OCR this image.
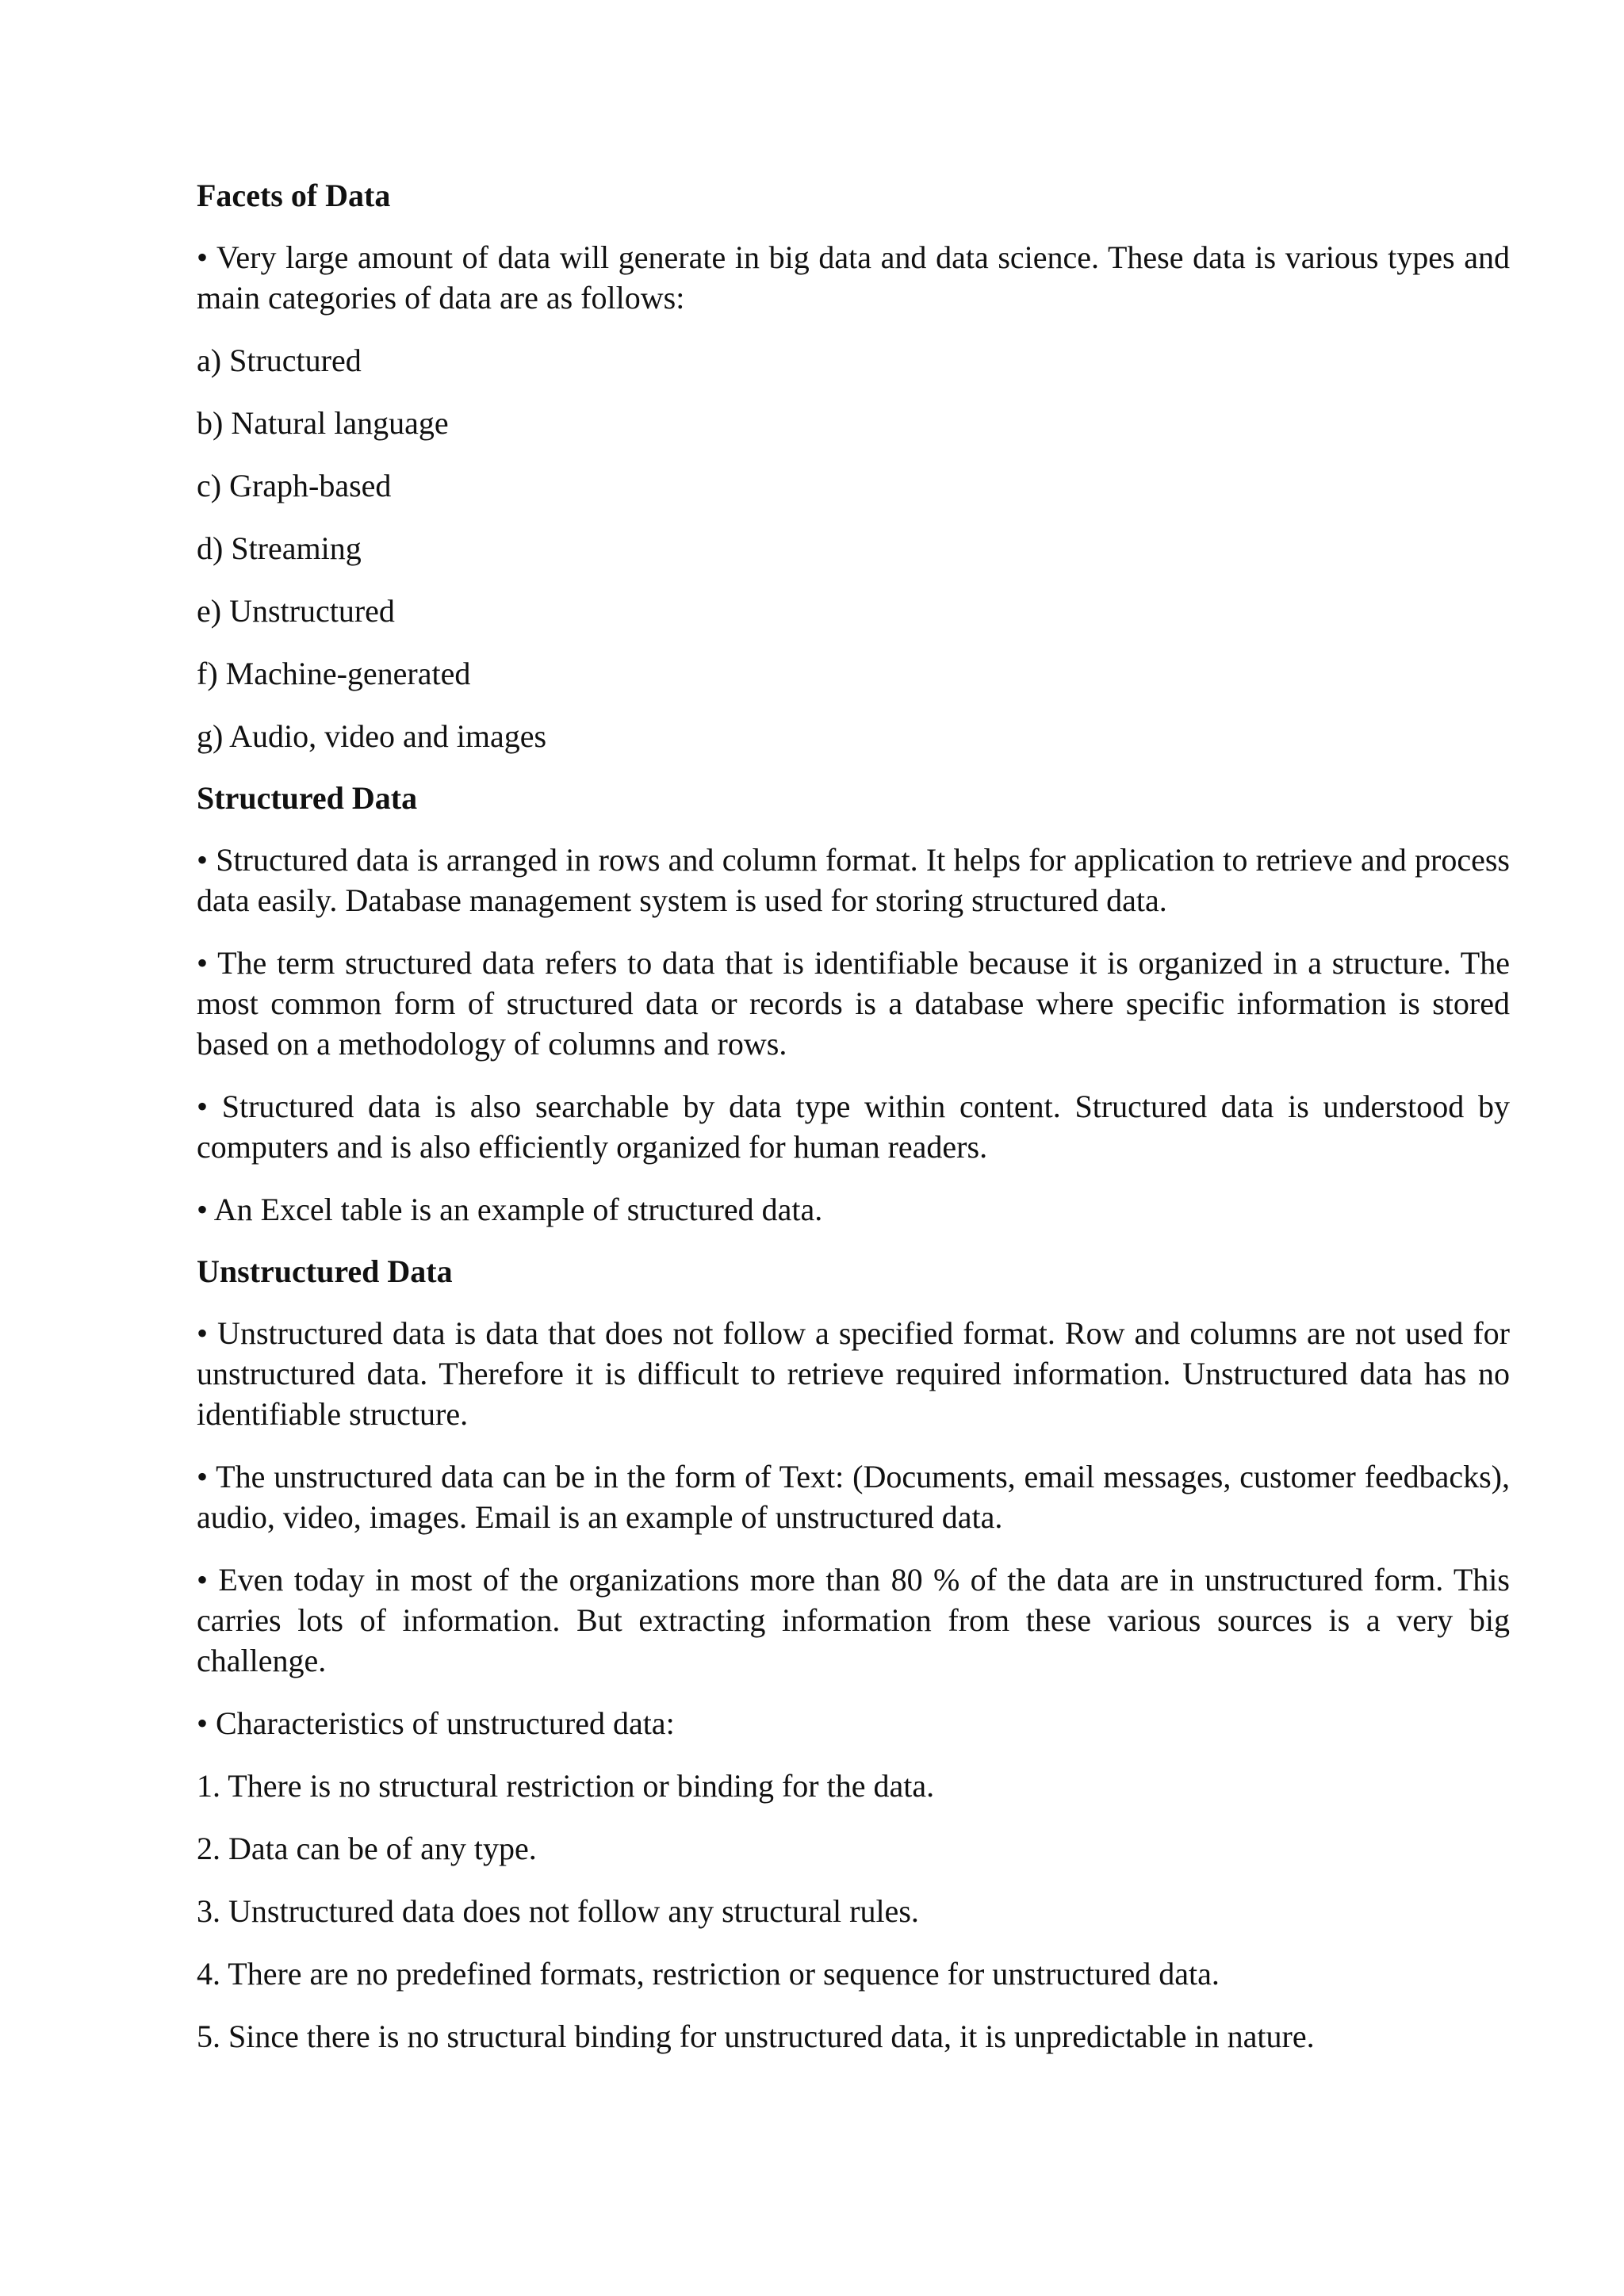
Facets of Data
• Very large amount of data will generate in big data and data science. These data is various types and main categories of data are as follows:
a) Structured
b) Natural language
c) Graph-based
d) Streaming
e) Unstructured
f) Machine-generated
g) Audio, video and images
Structured Data
• Structured data is arranged in rows and column format. It helps for application to retrieve and process data easily. Database management system is used for storing structured data.
• The term structured data refers to data that is identifiable because it is organized in a structure. The most common form of structured data or records is a database where specific information is stored based on a methodology of columns and rows.
• Structured data is also searchable by data type within content. Structured data is understood by computers and is also efficiently organized for human readers.
• An Excel table is an example of structured data.
Unstructured Data
• Unstructured data is data that does not follow a specified format. Row and columns are not used for unstructured data. Therefore it is difficult to retrieve required information. Unstructured data has no identifiable structure.
• The unstructured data can be in the form of Text: (Documents, email messages, customer feedbacks), audio, video, images. Email is an example of unstructured data.
• Even today in most of the organizations more than 80 % of the data are in unstructured form. This carries lots of information. But extracting information from these various sources is a very big challenge.
• Characteristics of unstructured data:
1. There is no structural restriction or binding for the data.
2. Data can be of any type.
3. Unstructured data does not follow any structural rules.
4. There are no predefined formats, restriction or sequence for unstructured data.
5. Since there is no structural binding for unstructured data, it is unpredictable in nature.
